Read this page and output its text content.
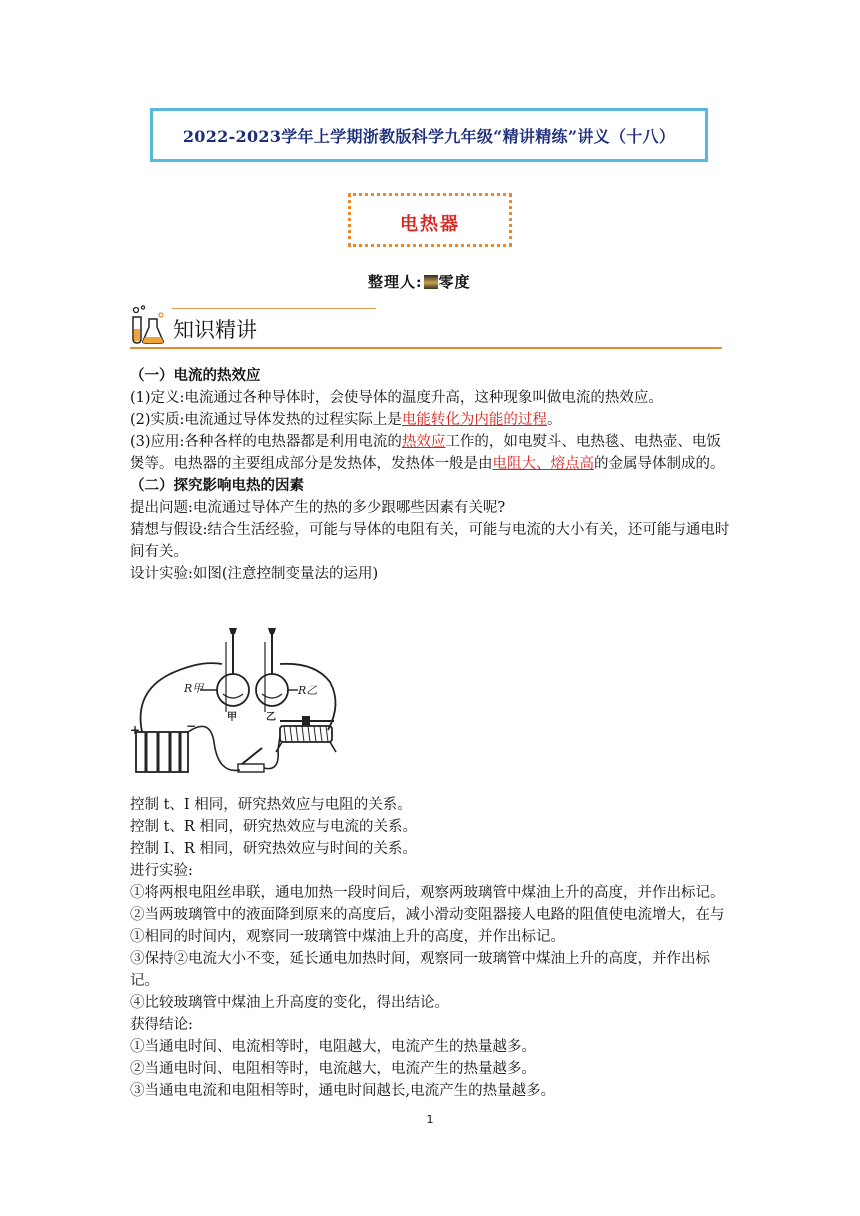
2022-2023学年上学期浙教版科学九年级“精讲精练”讲义（十八）
电热器
整理人: 零度
知识精讲

（一）电流的热效应

(1)定义:电流通过各种导体时，会使导体的温度升高，这种现象叫做电流的热效应。

(2)实质:电流通过导体发热的过程实际上是电能转化为内能的过程。

(3)应用:各种各样的电热器都是利用电流的热效应工作的，如电熨斗、电热毯、电热壶、电饭煲等。电热器的主要组成部分是发热体，发热体一般是由电阻大、熔点高的金属导体制成的。

（二）探究影响电热的因素

提出问题:电流通过导体产生的热的多少跟哪些因素有关呢?

猜想与假设:结合生活经验，可能与导体的电阻有关，可能与电流的大小有关，还可能与通电时间有关。

设计实验:如图(注意控制变量法的运用)

R甲	R乙
甲	乙
+	−

控制 t、I 相同，研究热效应与电阻的关系。

控制 t、R 相同，研究热效应与电流的关系。

控制 I、R 相同，研究热效应与时间的关系。

进行实验:

①将两根电阻丝串联，通电加热一段时间后，观察两玻璃管中煤油上升的高度，并作出标记。

②当两玻璃管中的液面降到原来的高度后，减小滑动变阻器接人电路的阻值使电流增大，在与①相同的时间内，观察同一玻璃管中煤油上升的高度，并作出标记。

③保持②电流大小不变，延长通电加热时间，观察同一玻璃管中煤油上升的高度，并作出标记。

④比较玻璃管中煤油上升高度的变化，得出结论。

获得结论:

①当通电时间、电流相等时，电阻越大，电流产生的热量越多。

②当通电时间、电阻相等时，电流越大，电流产生的热量越多。

③当通电电流和电阻相等时，通电时间越长,电流产生的热量越多。

1
